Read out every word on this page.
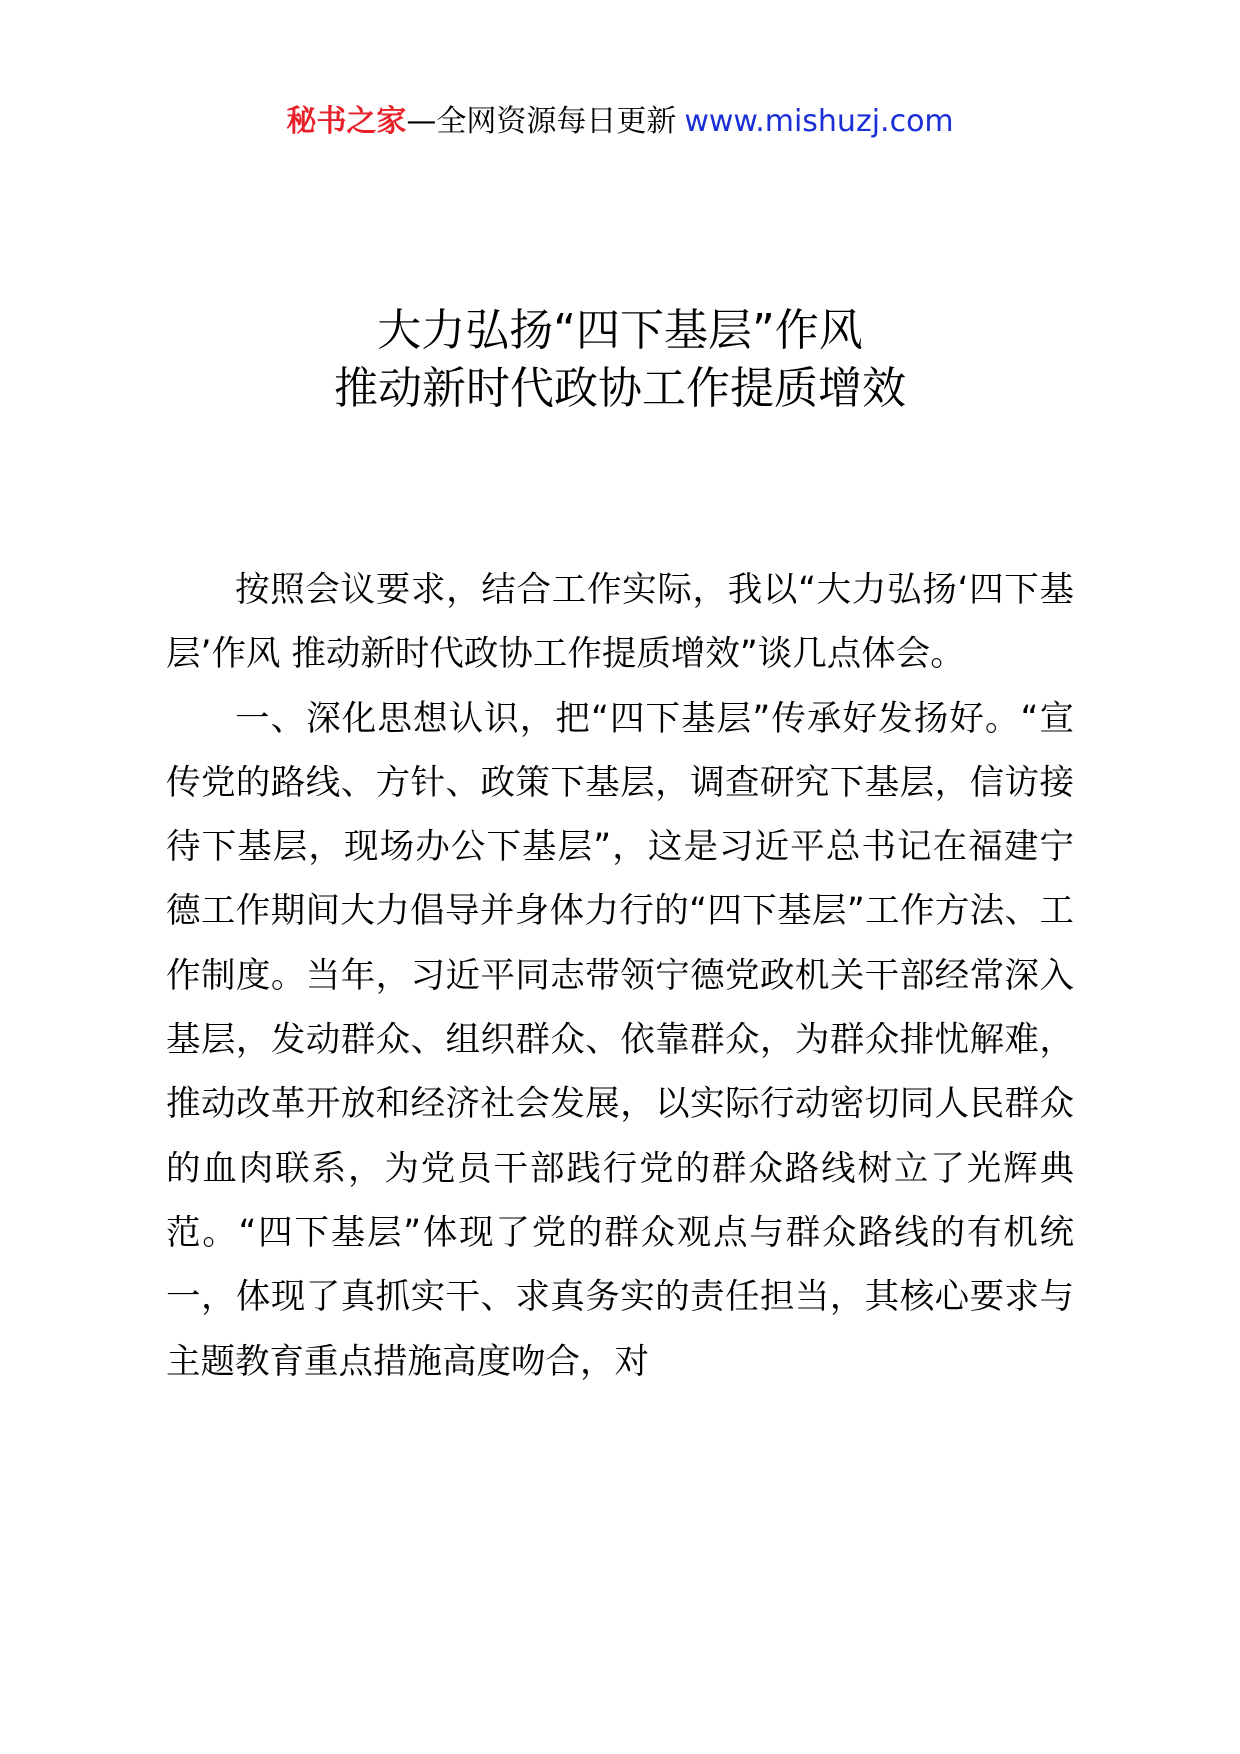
秘书之家—全网资源每日更新 www.mishuzj.com
大力弘扬“四下基层”作风
推动新时代政协工作提质增效

按照会议要求，结合工作实际，我以“大力弘扬‘四下基层’作风 推动新时代政协工作提质增效”谈几点体会。

一、深化思想认识，把“四下基层”传承好发扬好。“宣传党的路线、方针、政策下基层，调查研究下基层，信访接待下基层，现场办公下基层”，这是习近平总书记在福建宁德工作期间大力倡导并身体力行的“四下基层”工作方法、工作制度。当年，习近平同志带领宁德党政机关干部经常深入基层，发动群众、组织群众、依靠群众，为群众排忧解难，推动改革开放和经济社会发展，以实际行动密切同人民群众的血肉联系，为党员干部践行党的群众路线树立了光辉典范。“四下基层”体现了党的群众观点与群众路线的有机统一，体现了真抓实干、求真务实的责任担当，其核心要求与主题教育重点措施高度吻合，对
